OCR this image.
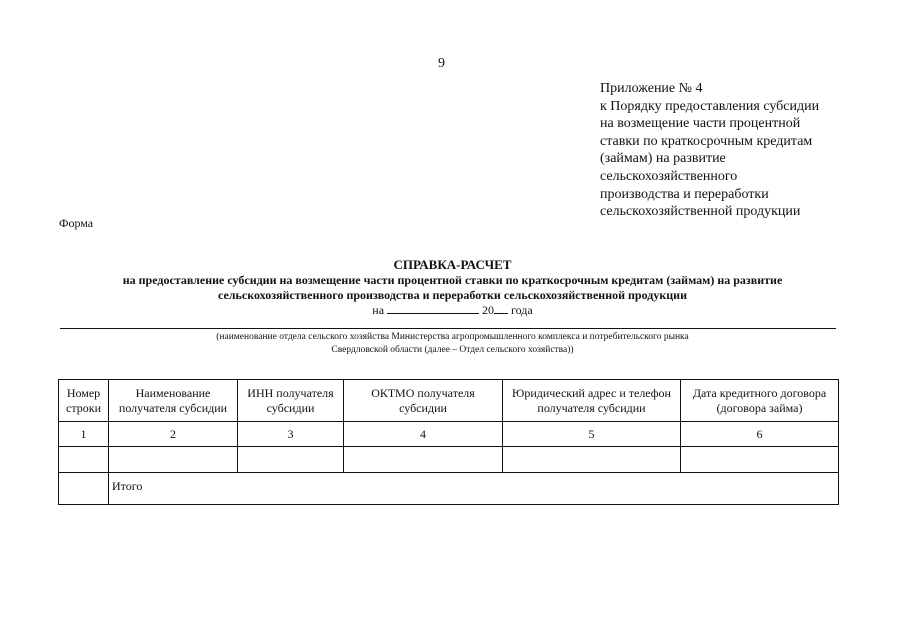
9
Приложение № 4
к Порядку предоставления субсидии
на возмещение части процентной
ставки по краткосрочным кредитам
(займам) на развитие
сельскохозяйственного
производства и переработки
сельскохозяйственной продукции
Форма
СПРАВКА-РАСЧЕТ
на предоставление субсидии на возмещение части процентной ставки по краткосрочным кредитам (займам) на развитие
сельскохозяйственного производства и переработки сельскохозяйственной продукции
на	20 года
(наименование отдела сельского хозяйства Министерства агропромышленного комплекса и потребительского рынка
Свердловской области (далее – Отдел сельского хозяйства))
Номер строки	Наименование получателя субсидии	ИНН получателя субсидии	ОКТМО получателя субсидии	Юридический адрес и телефон получателя субсидии	Дата кредитного договора (договора займа)
1	2	3	4	5	6

	Итого				
